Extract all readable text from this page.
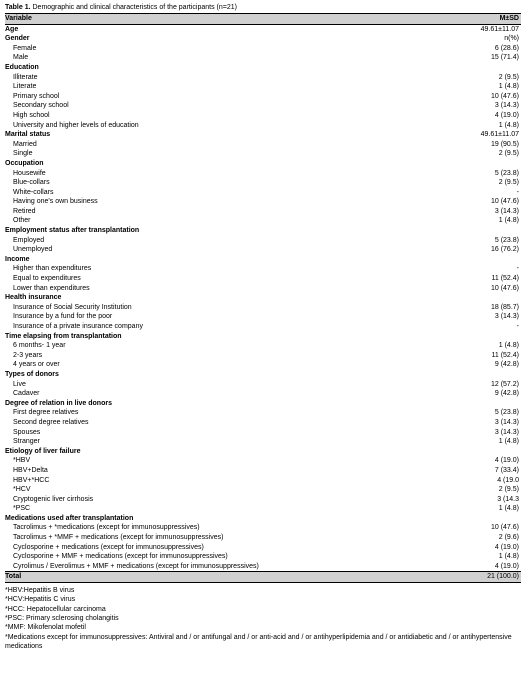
Table 1. Demographic and clinical characteristics of the participants (n=21)
Variable	M±SD
Age	49.61±11.07
Gender	n(%)
Female	6 (28.6)
Male	15 (71.4)
Education	
Illiterate	2 (9.5)
Literate	1 (4.8)
Primary school	10 (47.6)
Secondary school	3 (14.3)
High school	4 (19.0)
University and higher levels of education	1 (4.8)
Marital status	49.61±11.07
Married	19 (90.5)
Single	2 (9.5)
Occupation	
Housewife	5 (23.8)
Blue-collars	2 (9.5)
White-collars	-
Having one's own business	10 (47.6)
Retired	3 (14.3)
Other	1 (4.8)
Employment status after transplantation	
Employed	5 (23.8)
Unemployed	16 (76.2)
Income	
Higher than expenditures	-
Equal to expenditures	11 (52.4)
Lower than expenditures	10 (47.6)
Health insurance	
Insurance of Social Security Institution	18 (85.7)
Insurance by a fund for the poor	3 (14.3)
Insurance of a private insurance company	-
Time elapsing from transplantation	
6 months- 1 year	1 (4.8)
2-3 years	11 (52.4)
4 years or over	9 (42.8)
Types of donors	
Live	12 (57.2)
Cadaver	9 (42.8)
Degree of relation in live donors	
First degree relatives	5 (23.8)
Second degree relatives	3 (14.3)
Spouses	3 (14.3)
Stranger	1 (4.8)
Etiology of liver failure	
*HBV	4 (19.0)
HBV+Delta	7 (33.4)
HBV+*HCC	4 (19.0
*HCV	2 (9.5)
Cryptogenic liver cirrhosis	3 (14.3
*PSC	1 (4.8)
Medications used after transplantation	
Tacrolimus + *medications (except for immunosuppressives)	10 (47.6)
Tacrolimus + *MMF + medications (except for immunosuppressives)	2 (9.6)
Cyclosporine + medications (except for immunosuppressives)	4 (19.0)
Cyclosporine + MMF + medications (except for immunosuppressives)	1 (4.8)
Cyrolimus / Everolimus + MMF + medications (except for immunosuppressives)	4 (19.0)
Total	21 (100.0)
*HBV:Hepatitis B virus
*HCV:Hepatitis C virus
*HCC: Hepatocellular carcinoma
*PSC: Primary sclerosing cholangitis
*MMF: Mikofenolat mofetil
*Medications except for immunosuppressives: Antiviral and / or antifungal and / or anti-acid and / or antihyperlipidemia and / or antidiabetic and / or antihypertensive medications
